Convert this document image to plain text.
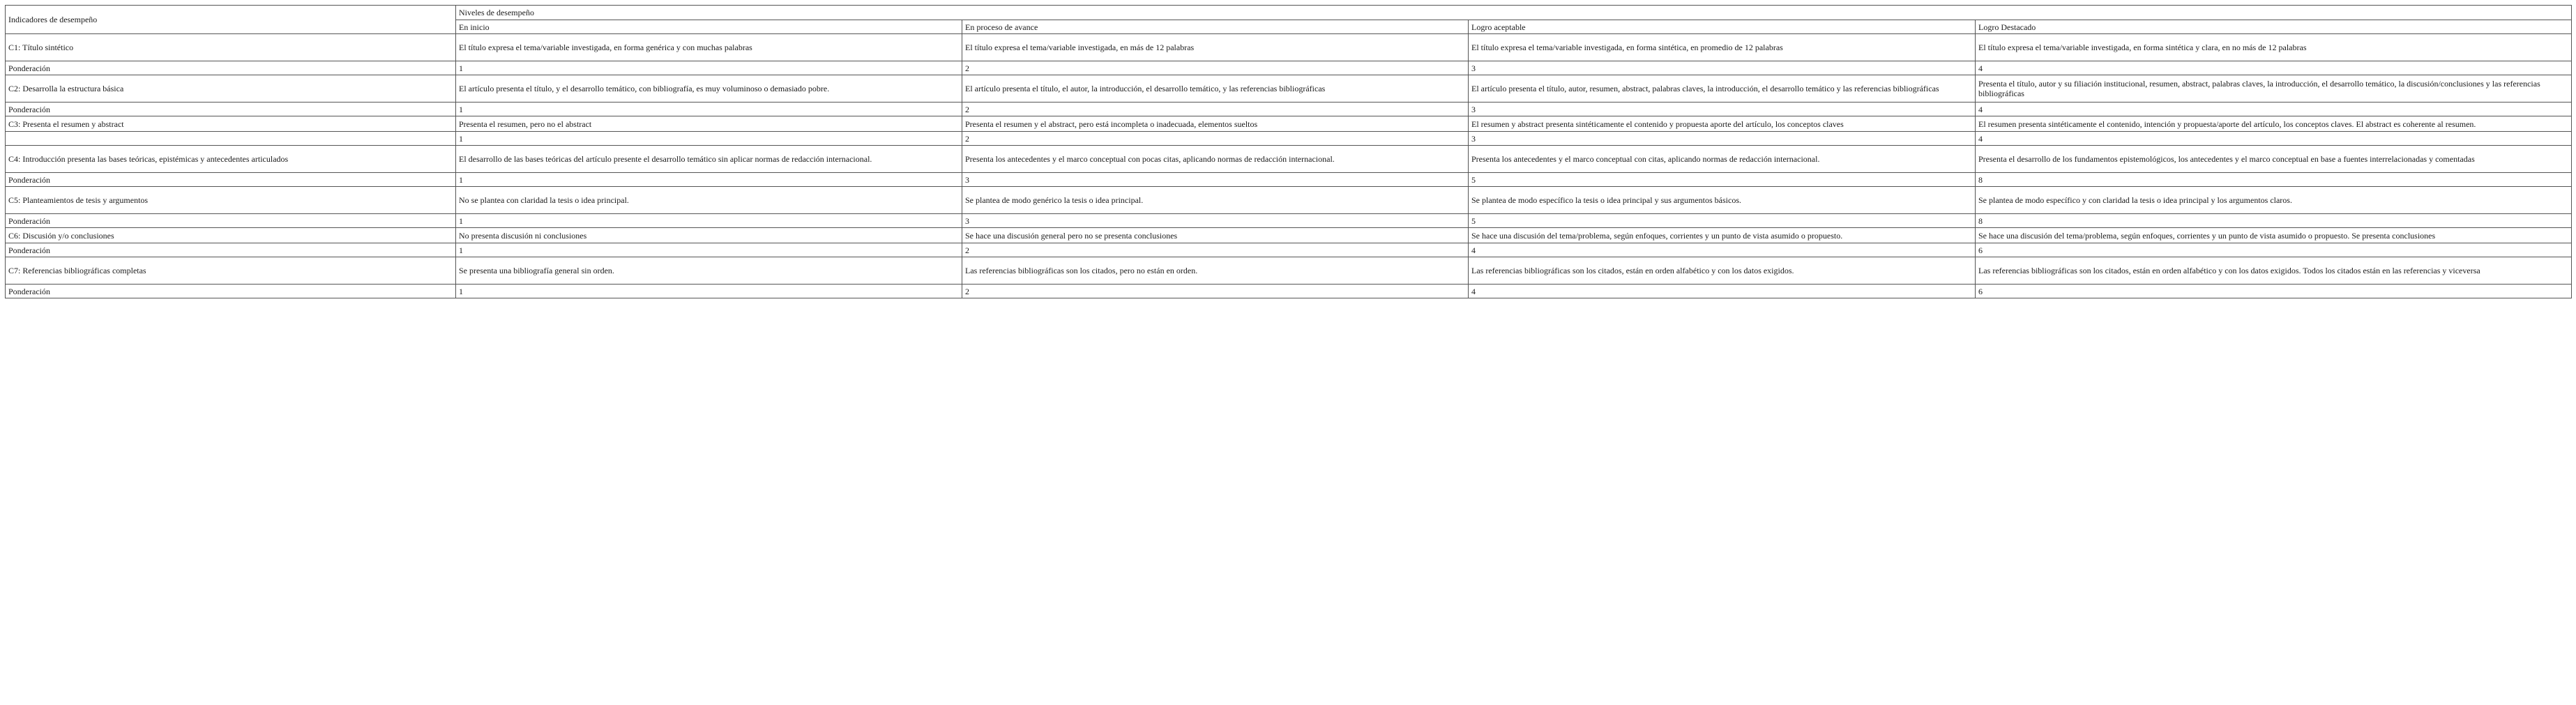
Indicadores de desempeño	Niveles de desempeño			
	En inicio	En proceso de avance	Logro aceptable	Logro Destacado
C1: Título sintético	El título expresa el tema/variable investigada, en forma genérica y con muchas palabras	El título expresa el tema/variable investigada, en más de 12 palabras	El título expresa el tema/variable investigada, en forma sintética, en promedio de 12 palabras	El título expresa el tema/variable investigada, en forma sintética y clara, en no más de 12 palabras
Ponderación	1	2	3	4
C2: Desarrolla la estructura básica	El artículo presenta el título, y el desarrollo temático, con bibliografía, es muy voluminoso o demasiado pobre.	El artículo presenta el título, el autor, la introducción, el desarrollo temático, y las referencias bibliográficas	El artículo presenta el título, autor, resumen, abstract, palabras claves, la introducción, el desarrollo temático y las referencias bibliográficas	Presenta el título, autor y su filiación institucional, resumen, abstract, palabras claves, la introducción, el desarrollo temático, la discusión/conclusiones y las referencias bibliográficas
Ponderación	1	2	3	4
C3: Presenta el resumen y abstract	Presenta el resumen, pero no el abstract	Presenta el resumen y el abstract, pero está incompleta o inadecuada, elementos sueltos	El resumen y abstract presenta sintéticamente el contenido y propuesta aporte del artículo, los conceptos claves	El resumen presenta sintéticamente el contenido, intención y propuesta/aporte del artículo, los conceptos claves. El abstract es coherente al resumen.
	1	2	3	4
C4: Introducción presenta las bases teóricas, epistémicas y antecedentes articulados	El desarrollo de las bases teóricas del artículo presente el desarrollo temático sin aplicar normas de redacción internacional.	Presenta los antecedentes y el marco conceptual con pocas citas, aplicando normas de redacción internacional.	Presenta los antecedentes y el marco conceptual con citas, aplicando normas de redacción internacional.	Presenta el desarrollo de los fundamentos epistemológicos, los antecedentes y el marco conceptual en base a fuentes interrelacionadas y comentadas
Ponderación	1	3	5	8
C5: Planteamientos de tesis y argumentos	No se plantea con claridad la tesis o idea principal.	Se plantea de modo genérico la tesis o idea principal.	Se plantea de modo específico la tesis o idea principal y sus argumentos básicos.	Se plantea de modo específico y con claridad la tesis o idea principal y los argumentos claros.
Ponderación	1	3	5	8
C6: Discusión y/o conclusiones	No presenta discusión ni conclusiones	Se hace una discusión general pero no se presenta conclusiones	Se hace una discusión del tema/problema, según enfoques, corrientes y un punto de vista asumido o propuesto.	Se hace una discusión del tema/problema, según enfoques, corrientes y un punto de vista asumido o propuesto. Se presenta conclusiones
Ponderación	1	2	4	6
C7: Referencias bibliográficas completas	Se presenta una bibliografía general sin orden.	Las referencias bibliográficas son los citados, pero no están en orden.	Las referencias bibliográficas son los citados, están en orden alfabético y con los datos exigidos.	Las referencias bibliográficas son los citados, están en orden alfabético y con los datos exigidos. Todos los citados están en las referencias y viceversa
Ponderación	1	2	4	6
